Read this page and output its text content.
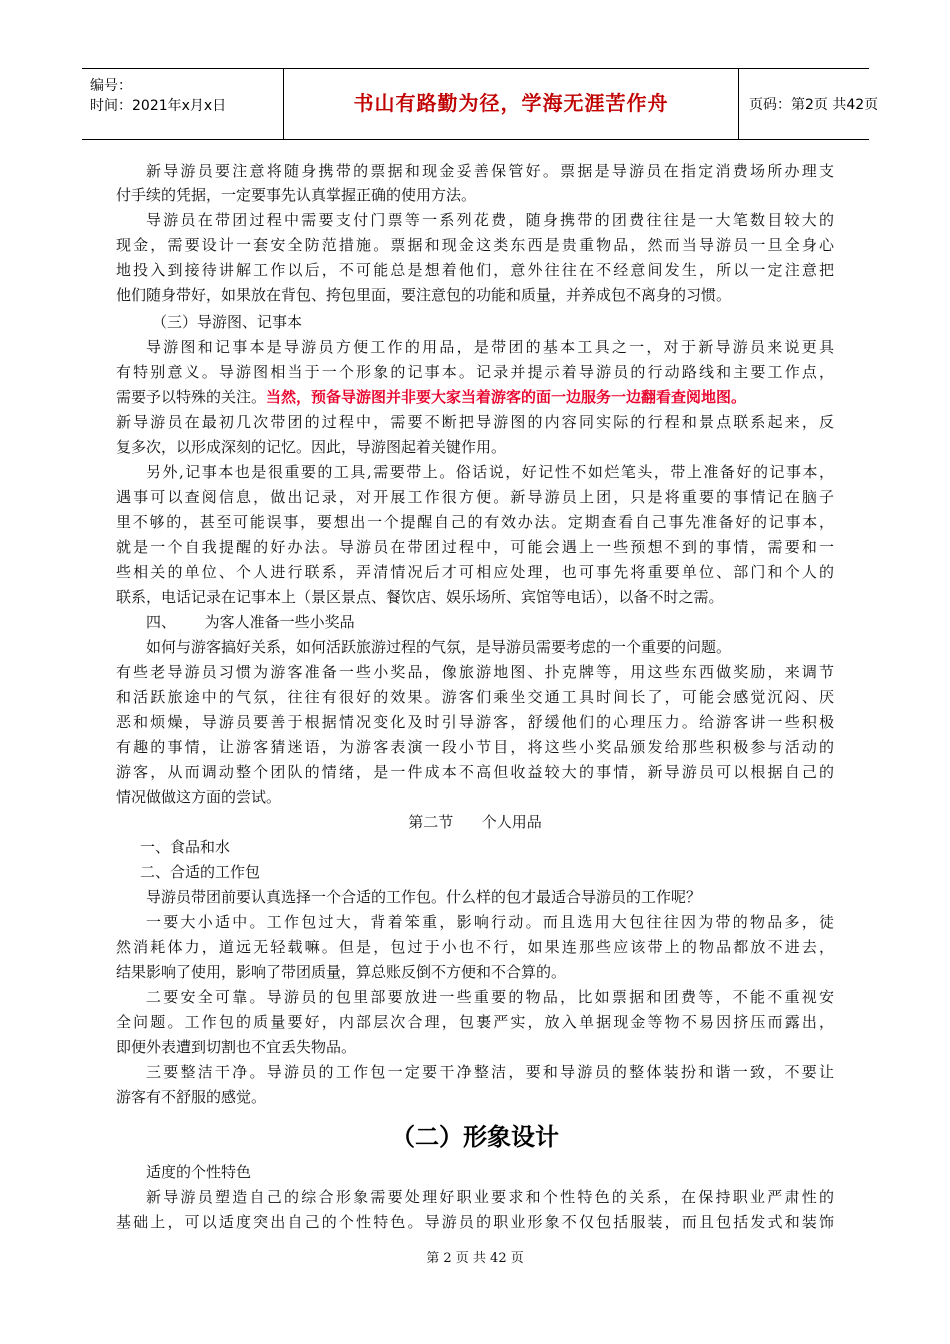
编号：
时间：2021年x月x日	书山有路勤为径，学海无涯苦作舟	页码：第2页 共42页
新导游员要注意将随身携带的票据和现金妥善保管好。票据是导游员在指定消费场所办理支
付手续的凭据，一定要事先认真掌握正确的使用方法。
导游员在带团过程中需要支付门票等一系列花费，随身携带的团费往往是一大笔数目较大的
现金，需要设计一套安全防范措施。票据和现金这类东西是贵重物品，然而当导游员一旦全身心
地投入到接待讲解工作以后，不可能总是想着他们，意外往往在不经意间发生，所以一定注意把
他们随身带好，如果放在背包、挎包里面，要注意包的功能和质量，并养成包不离身的习惯。
（三）导游图、记事本
导游图和记事本是导游员方便工作的用品，是带团的基本工具之一，对于新导游员来说更具
有特别意义。导游图相当于一个形象的记事本。记录并提示着导游员的行动路线和主要工作点，
需要予以特殊的关注。当然，预备导游图并非要大家当着游客的面一边服务一边翻看查阅地图。
新导游员在最初几次带团的过程中，需要不断把导游图的内容同实际的行程和景点联系起来，反
复多次，以形成深刻的记忆。因此，导游图起着关键作用。
另外,记事本也是很重要的工具,需要带上。俗话说，好记性不如烂笔头，带上准备好的记事本，
遇事可以查阅信息，做出记录，对开展工作很方便。新导游员上团，只是将重要的事情记在脑子
里不够的，甚至可能误事，要想出一个提醒自己的有效办法。定期查看自己事先准备好的记事本，
就是一个自我提醒的好办法。导游员在带团过程中，可能会遇上一些预想不到的事情，需要和一
些相关的单位、个人进行联系，弄清情况后才可相应处理，也可事先将重要单位、部门和个人的
联系，电话记录在记事本上（景区景点、餐饮店、娱乐场所、宾馆等电话），以备不时之需。
四、      为客人准备一些小奖品
如何与游客搞好关系，如何活跃旅游过程的气氛，是导游员需要考虑的一个重要的问题。
有些老导游员习惯为游客准备一些小奖品，像旅游地图、扑克牌等，用这些东西做奖励，来调节
和活跃旅途中的气氛，往往有很好的效果。游客们乘坐交通工具时间长了，可能会感觉沉闷、厌
恶和烦燥，导游员要善于根据情况变化及时引导游客，舒缓他们的心理压力。给游客讲一些积极
有趣的事情，让游客猜迷语，为游客表演一段小节目，将这些小奖品颁发给那些积极参与活动的
游客，从而调动整个团队的情绪，是一件成本不高但收益较大的事情，新导游员可以根据自己的
情况做做这方面的尝试。
第二节      个人用品
一、食品和水
二、合适的工作包
导游员带团前要认真选择一个合适的工作包。什么样的包才最适合导游员的工作呢？
一要大小适中。工作包过大，背着笨重，影响行动。而且选用大包往往因为带的物品多，徒
然消耗体力，道远无轻载嘛。但是，包过于小也不行，如果连那些应该带上的物品都放不进去，
结果影响了使用，影响了带团质量，算总账反倒不方便和不合算的。
二要安全可靠。导游员的包里部要放进一些重要的物品，比如票据和团费等，不能不重视安
全问题。工作包的质量要好，内部层次合理，包裹严实，放入单据现金等物不易因挤压而露出，
即便外表遭到切割也不宜丢失物品。
三要整洁干净。导游员的工作包一定要干净整洁，要和导游员的整体装扮和谐一致，不要让
游客有不舒服的感觉。
（二）形象设计
适度的个性特色
新导游员塑造自己的综合形象需要处理好职业要求和个性特色的关系，在保持职业严肃性的
基础上，可以适度突出自己的个性特色。导游员的职业形象不仅包括服装，而且包括发式和装饰
第 2 页 共 42 页
